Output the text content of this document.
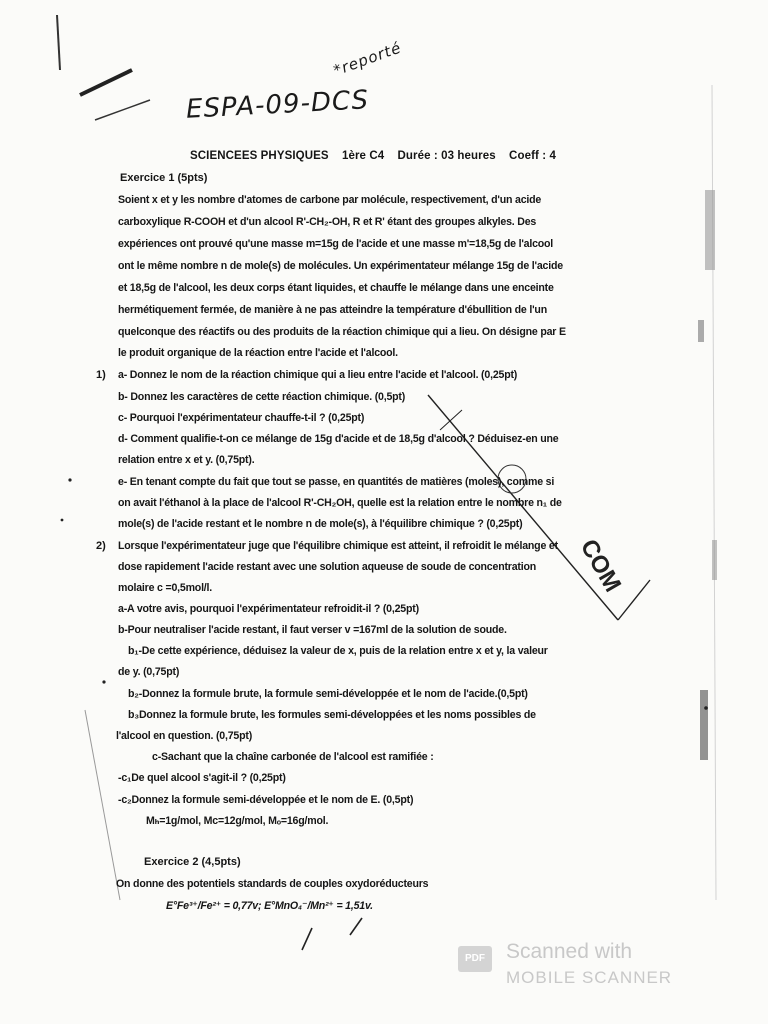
ESPA-09-DCS
*reporté
SCIENCEES PHYSIQUES 1ère C4 Durée : 03 heures Coeff : 4
Exercice 1 (5pts)
Soient x et y les nombre d'atomes de carbone par molécule, respectivement, d'un acide
carboxylique R-COOH et d'un alcool R'-CH₂-OH, R et R' étant des groupes alkyles. Des
expériences ont prouvé qu'une masse m=15g de l'acide et une masse m'=18,5g de l'alcool
ont le même nombre n de mole(s) de molécules. Un expérimentateur mélange 15g de l'acide
et 18,5g de l'alcool, les deux corps étant liquides, et chauffe le mélange dans une enceinte
hermétiquement fermée, de manière à ne pas atteindre la température d'ébullition de l'un
quelconque des réactifs ou des produits de la réaction chimique qui a lieu. On désigne par E
le produit organique de la réaction entre l'acide et l'alcool.
1) a- Donnez le nom de la réaction chimique qui a lieu entre l'acide et l'alcool. (0,25pt)
b- Donnez les caractères de cette réaction chimique. (0,5pt)
c- Pourquoi l'expérimentateur chauffe-t-il ? (0,25pt)
d- Comment qualifie-t-on ce mélange de 15g d'acide et de 18,5g d'alcool ? Déduisez-en une
relation entre x et y. (0,75pt).
e- En tenant compte du fait que tout se passe, en quantités de matières (moles), comme si
on avait l'éthanol à la place de l'alcool R'-CH₂OH, quelle est la relation entre le nombre n₁ de
mole(s) de l'acide restant et le nombre n de mole(s), à l'équilibre chimique ? (0,25pt)
2) Lorsque l'expérimentateur juge que l'équilibre chimique est atteint, il refroidit le mélange et
dose rapidement l'acide restant avec une solution aqueuse de soude de concentration
molaire c =0,5mol/l.
a-A votre avis, pourquoi l'expérimentateur refroidit-il ? (0,25pt)
b-Pour neutraliser l'acide restant, il faut verser v =167ml de la solution de soude.
b₁-De cette expérience, déduisez la valeur de x, puis de la relation entre x et y, la valeur
de y. (0,75pt)
b₂-Donnez la formule brute, la formule semi-développée et le nom de l'acide.(0,5pt)
b₃Donnez la formule brute, les formules semi-développées et les noms possibles de
l'alcool en question. (0,75pt)
c-Sachant que la chaîne carbonée de l'alcool est ramifiée :
-c₁De quel alcool s'agit-il ? (0,25pt)
-c₂Donnez la formule semi-développée et le nom de E. (0,5pt)
Mₕ=1g/mol, Mc=12g/mol, Mₒ=16g/mol.
Exercice 2 (4,5pts)
On donne des potentiels standards de couples oxydoréducteurs
E°Fe³⁺/Fe²⁺ = 0,77v; E°MnO₄⁻/Mn²⁺ = 1,51v.
COM
PDF	Scanned with
MOBILE SCANNER
